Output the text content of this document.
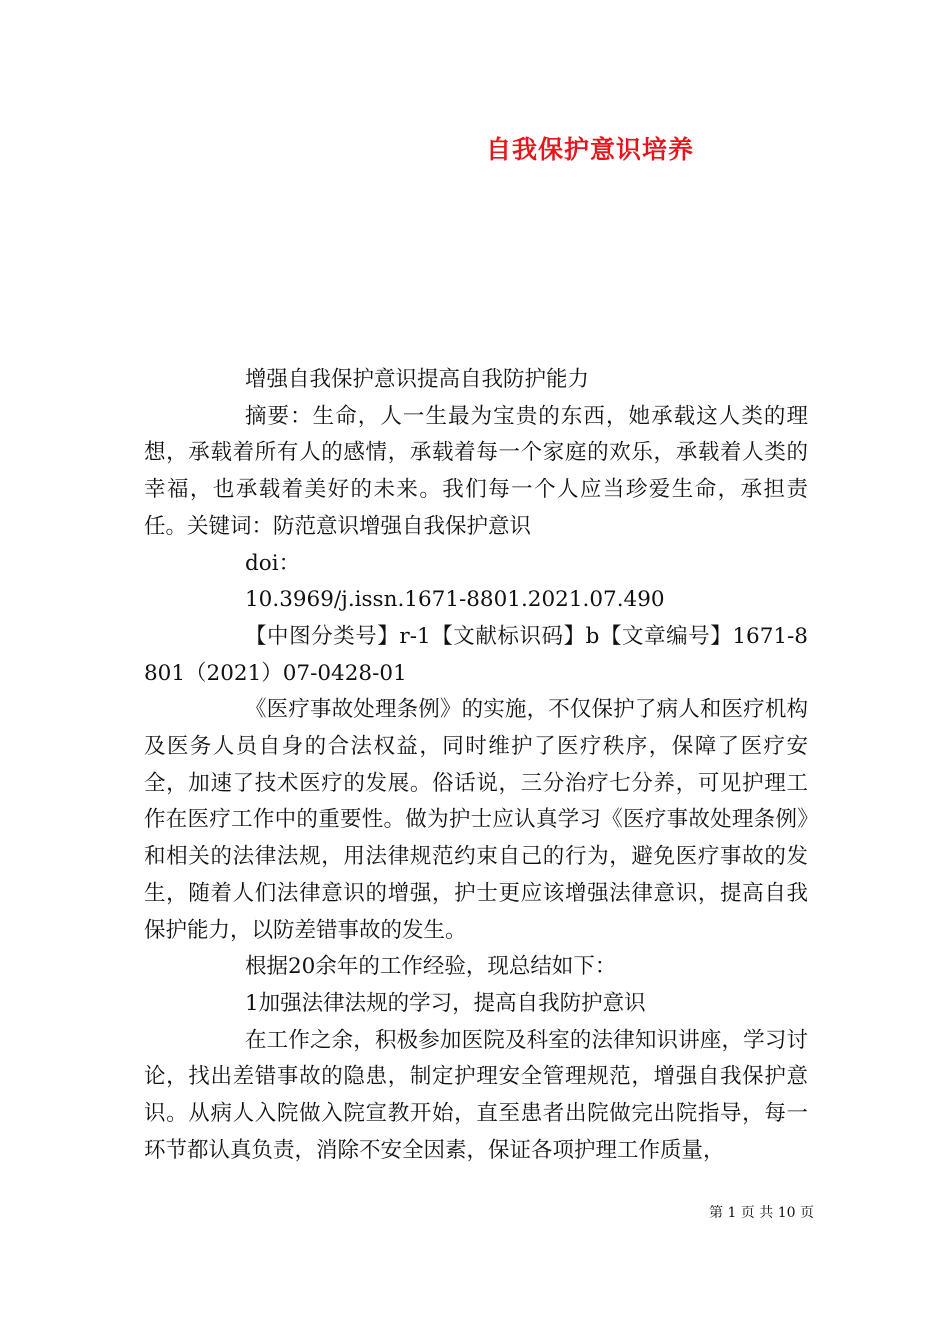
自我保护意识培养

增强自我保护意识提高自我防护能力

摘要：生命，人一生最为宝贵的东西，她承载这人类的理想，承载着所有人的感情，承载着每一个家庭的欢乐，承载着人类的幸福，也承载着美好的未来。我们每一个人应当珍爱生命，承担责任。关键词：防范意识增强自我保护意识

doi：

10.3969/j.issn.1671-8801.2021.07.490

【中图分类号】r-1【文献标识码】b【文章编号】1671-8801（2021）07-0428-01

《医疗事故处理条例》的实施，不仅保护了病人和医疗机构及医务人员自身的合法权益，同时维护了医疗秩序，保障了医疗安全，加速了技术医疗的发展。俗话说，三分治疗七分养，可见护理工作在医疗工作中的重要性。做为护士应认真学习《医疗事故处理条例》和相关的法律法规，用法律规范约束自己的行为，避免医疗事故的发生，随着人们法律意识的增强，护士更应该增强法律意识，提高自我保护能力，以防差错事故的发生。

根据20余年的工作经验，现总结如下：

1加强法律法规的学习，提高自我防护意识

在工作之余，积极参加医院及科室的法律知识讲座，学习讨论，找出差错事故的隐患，制定护理安全管理规范，增强自我保护意识。从病人入院做入院宣教开始，直至患者出院做完出院指导，每一环节都认真负责，消除不安全因素，保证各项护理工作质量，

第 1 页 共 10 页
